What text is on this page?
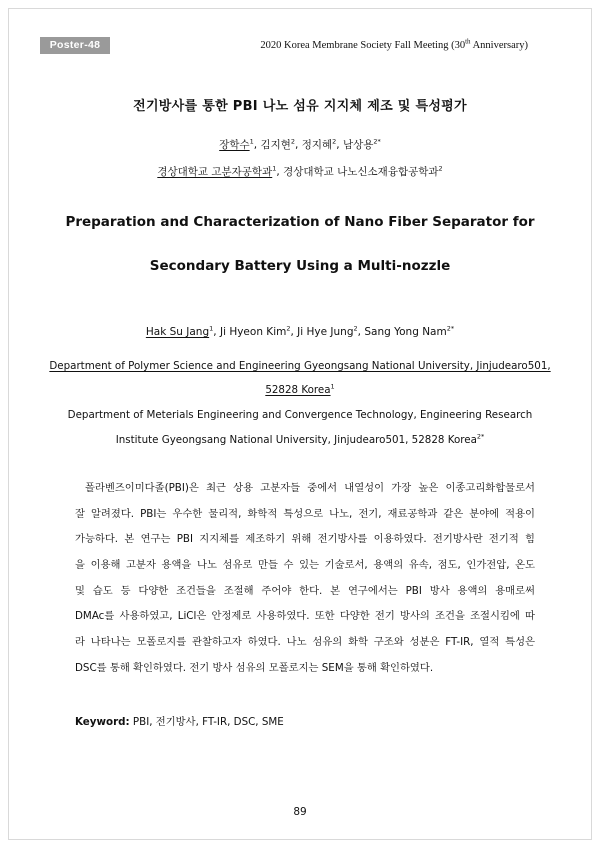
Poster-48	2020 Korea Membrane Society Fall Meeting (30th Anniversary)
전기방사를 통한 PBI 나노 섬유 지지체 제조 및 특성평가
장학수$^1$, 김지현$^2$, 정지혜$^2$, 남상용$^{2*}$
경상대학교 고분자공학과$^1$, 경상대학교 나노신소재융합공학과$^2$
Preparation and Characterization of Nano Fiber Separator for
Secondary Battery Using a Multi-nozzle
Hak Su Jang$^1$, Ji Hyeon Kim$^2$, Ji Hye Jung$^2$, Sang Yong Nam$^{2*}$
Department of Polymer Science and Engineering Gyeongsang National University, Jinjudearo501,
52828 Korea$^1$
Department of Meterials Engineering and Convergence Technology, Engineering Research
Institute Gyeongsang National University, Jinjudearo501, 52828 Korea$^{2*}$
폴라벤즈이미다졸(PBI)은 최근 상용 고분자들 중에서 내열성이 가장 높은 이종고리화합물로서
잘 알려졌다. PBI는 우수한 물리적, 화학적 특성으로 나노, 전기, 재료공학과 같은 분야에 적용이
가능하다. 본 연구는 PBI 지지체를 제조하기 위해 전기방사를 이용하였다. 전기방사란 전기적 힘
을 이용해 고분자 용액을 나노 섬유로 만들 수 있는 기술로서, 용액의 유속, 점도, 인가전압, 온도
및 습도 등 다양한 조건들을 조절해 주어야 한다. 본 연구에서는 PBI 방사 용액의 용매로써
DMAc를 사용하였고, LiCl은 안정제로 사용하였다. 또한 다양한 전기 방사의 조건을 조절시킴에 따
라 나타나는 모폴로지를 관찰하고자 하였다. 나노 섬유의 화학 구조와 성분은 FT-IR, 열적 특성은
DSC를 통해 확인하였다. 전기 방사 섬유의 모폴로지는 SEM을 통해 확인하였다.
Keyword: PBI, 전기방사, FT-IR, DSC, SME
89
